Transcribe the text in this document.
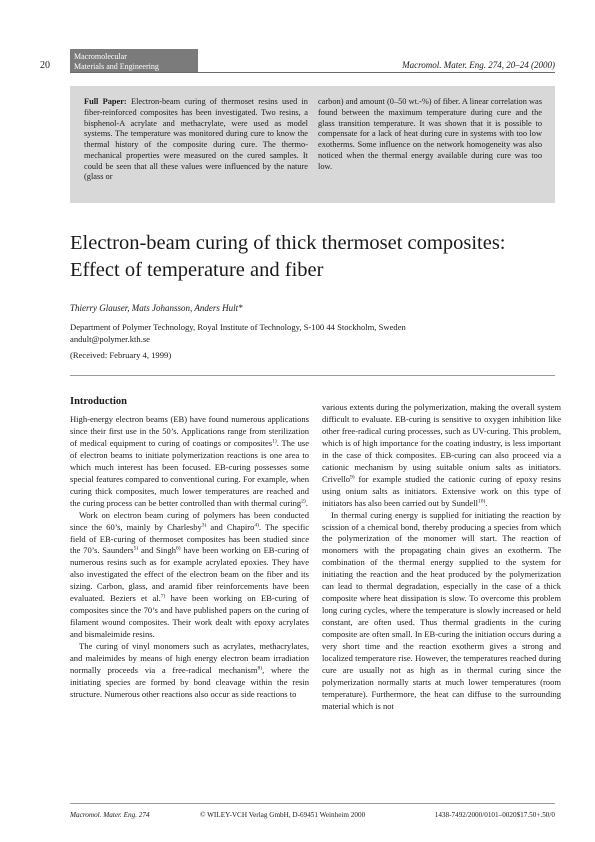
20
Macromolecular
Materials and Engineering	Macromol. Mater. Eng. 274, 20–24 (2000)
Full Paper: Electron-beam curing of thermoset resins used in fiber-reinforced composites has been investigated. Two resins, a bisphenol-A acrylate and methacrylate, were used as model systems. The temperature was monitored during cure to know the thermal history of the composite during cure. The thermo-mechanical properties were measured on the cured samples. It could be seen that all these values were influenced by the nature (glass or
carbon) and amount (0–50 wt.-%) of fiber. A linear correlation was found between the maximum temperature during cure and the glass transition temperature. It was shown that it is possible to compensate for a lack of heat during cure in systems with too low exotherms. Some influence on the network homogeneity was also noticed when the thermal energy available during cure was too low.
Electron-beam curing of thick thermoset composites:
Effect of temperature and fiber
Thierry Glauser, Mats Johansson, Anders Hult*
Department of Polymer Technology, Royal Institute of Technology, S-100 44 Stockholm, Sweden
andult@polymer.kth.se
(Received: February 4, 1999)
Introduction

High-energy electron beams (EB) have found numerous applications since their first use in the 50’s. Applications range from sterilization of medical equipment to curing of coatings or composites$^{1)}$. The use of electron beams to initiate polymerization reactions is one area to which much interest has been focused. EB-curing possesses some special features compared to conventional curing. For example, when curing thick composites, much lower temperatures are reached and the curing process can be better controlled than with thermal curing$^{2)}$.

Work on electron beam curing of polymers has been conducted since the 60’s, mainly by Charlesby$^{3)}$ and Chapiro$^{4)}$. The specific field of EB-curing of thermoset composites has been studied since the 70’s. Saunders$^{5)}$ and Singh$^{6)}$ have been working on EB-curing of numerous resins such as for example acrylated epoxies. They have also investigated the effect of the electron beam on the fiber and its sizing. Carbon, glass, and aramid fiber reinforcements have been evaluated. Beziers et al.$^{7)}$ have been working on EB-curing of composites since the 70’s and have published papers on the curing of filament wound composites. Their work dealt with epoxy acrylates and bismaleimide resins.

The curing of vinyl monomers such as acrylates, methacrylates, and maleimides by means of high energy electron beam irradiation normally proceeds via a free-radical mechanism$^{8)}$, where the initiating species are formed by bond cleavage within the resin structure. Numerous other reactions also occur as side reactions to

various extents during the polymerization, making the overall system difficult to evaluate. EB-curing is sensitive to oxygen inhibition like other free-radical curing processes, such as UV-curing. This problem, which is of high importance for the coating industry, is less important in the case of thick composites. EB-curing can also proceed via a cationic mechanism by using suitable onium salts as initiators. Crivello$^{9)}$ for example studied the cationic curing of epoxy resins using onium salts as initiators. Extensive work on this type of initiators has also been carried out by Sundell$^{10)}$.

In thermal curing energy is supplied for initiating the reaction by scission of a chemical bond, thereby producing a species from which the polymerization of the monomer will start. The reaction of monomers with the propagating chain gives an exotherm. The combination of the thermal energy supplied to the system for initiating the reaction and the heat produced by the polymerization can lead to thermal degradation, especially in the case of a thick composite where heat dissipation is slow. To overcome this problem long curing cycles, where the temperature is slowly increased or held constant, are often used. Thus thermal gradients in the curing composite are often small. In EB-curing the initiation occurs during a very short time and the reaction exotherm gives a strong and localized temperature rise. However, the temperatures reached during cure are usually not as high as in thermal curing since the polymerization normally starts at much lower temperatures (room temperature). Furthermore, the heat can diffuse to the surrounding material which is not

Macromol. Mater. Eng. 274	© WILEY-VCH Verlag GmbH, D-69451 Weinheim 2000	1438-7492/2000/0101–0020$17.50+.50/0
